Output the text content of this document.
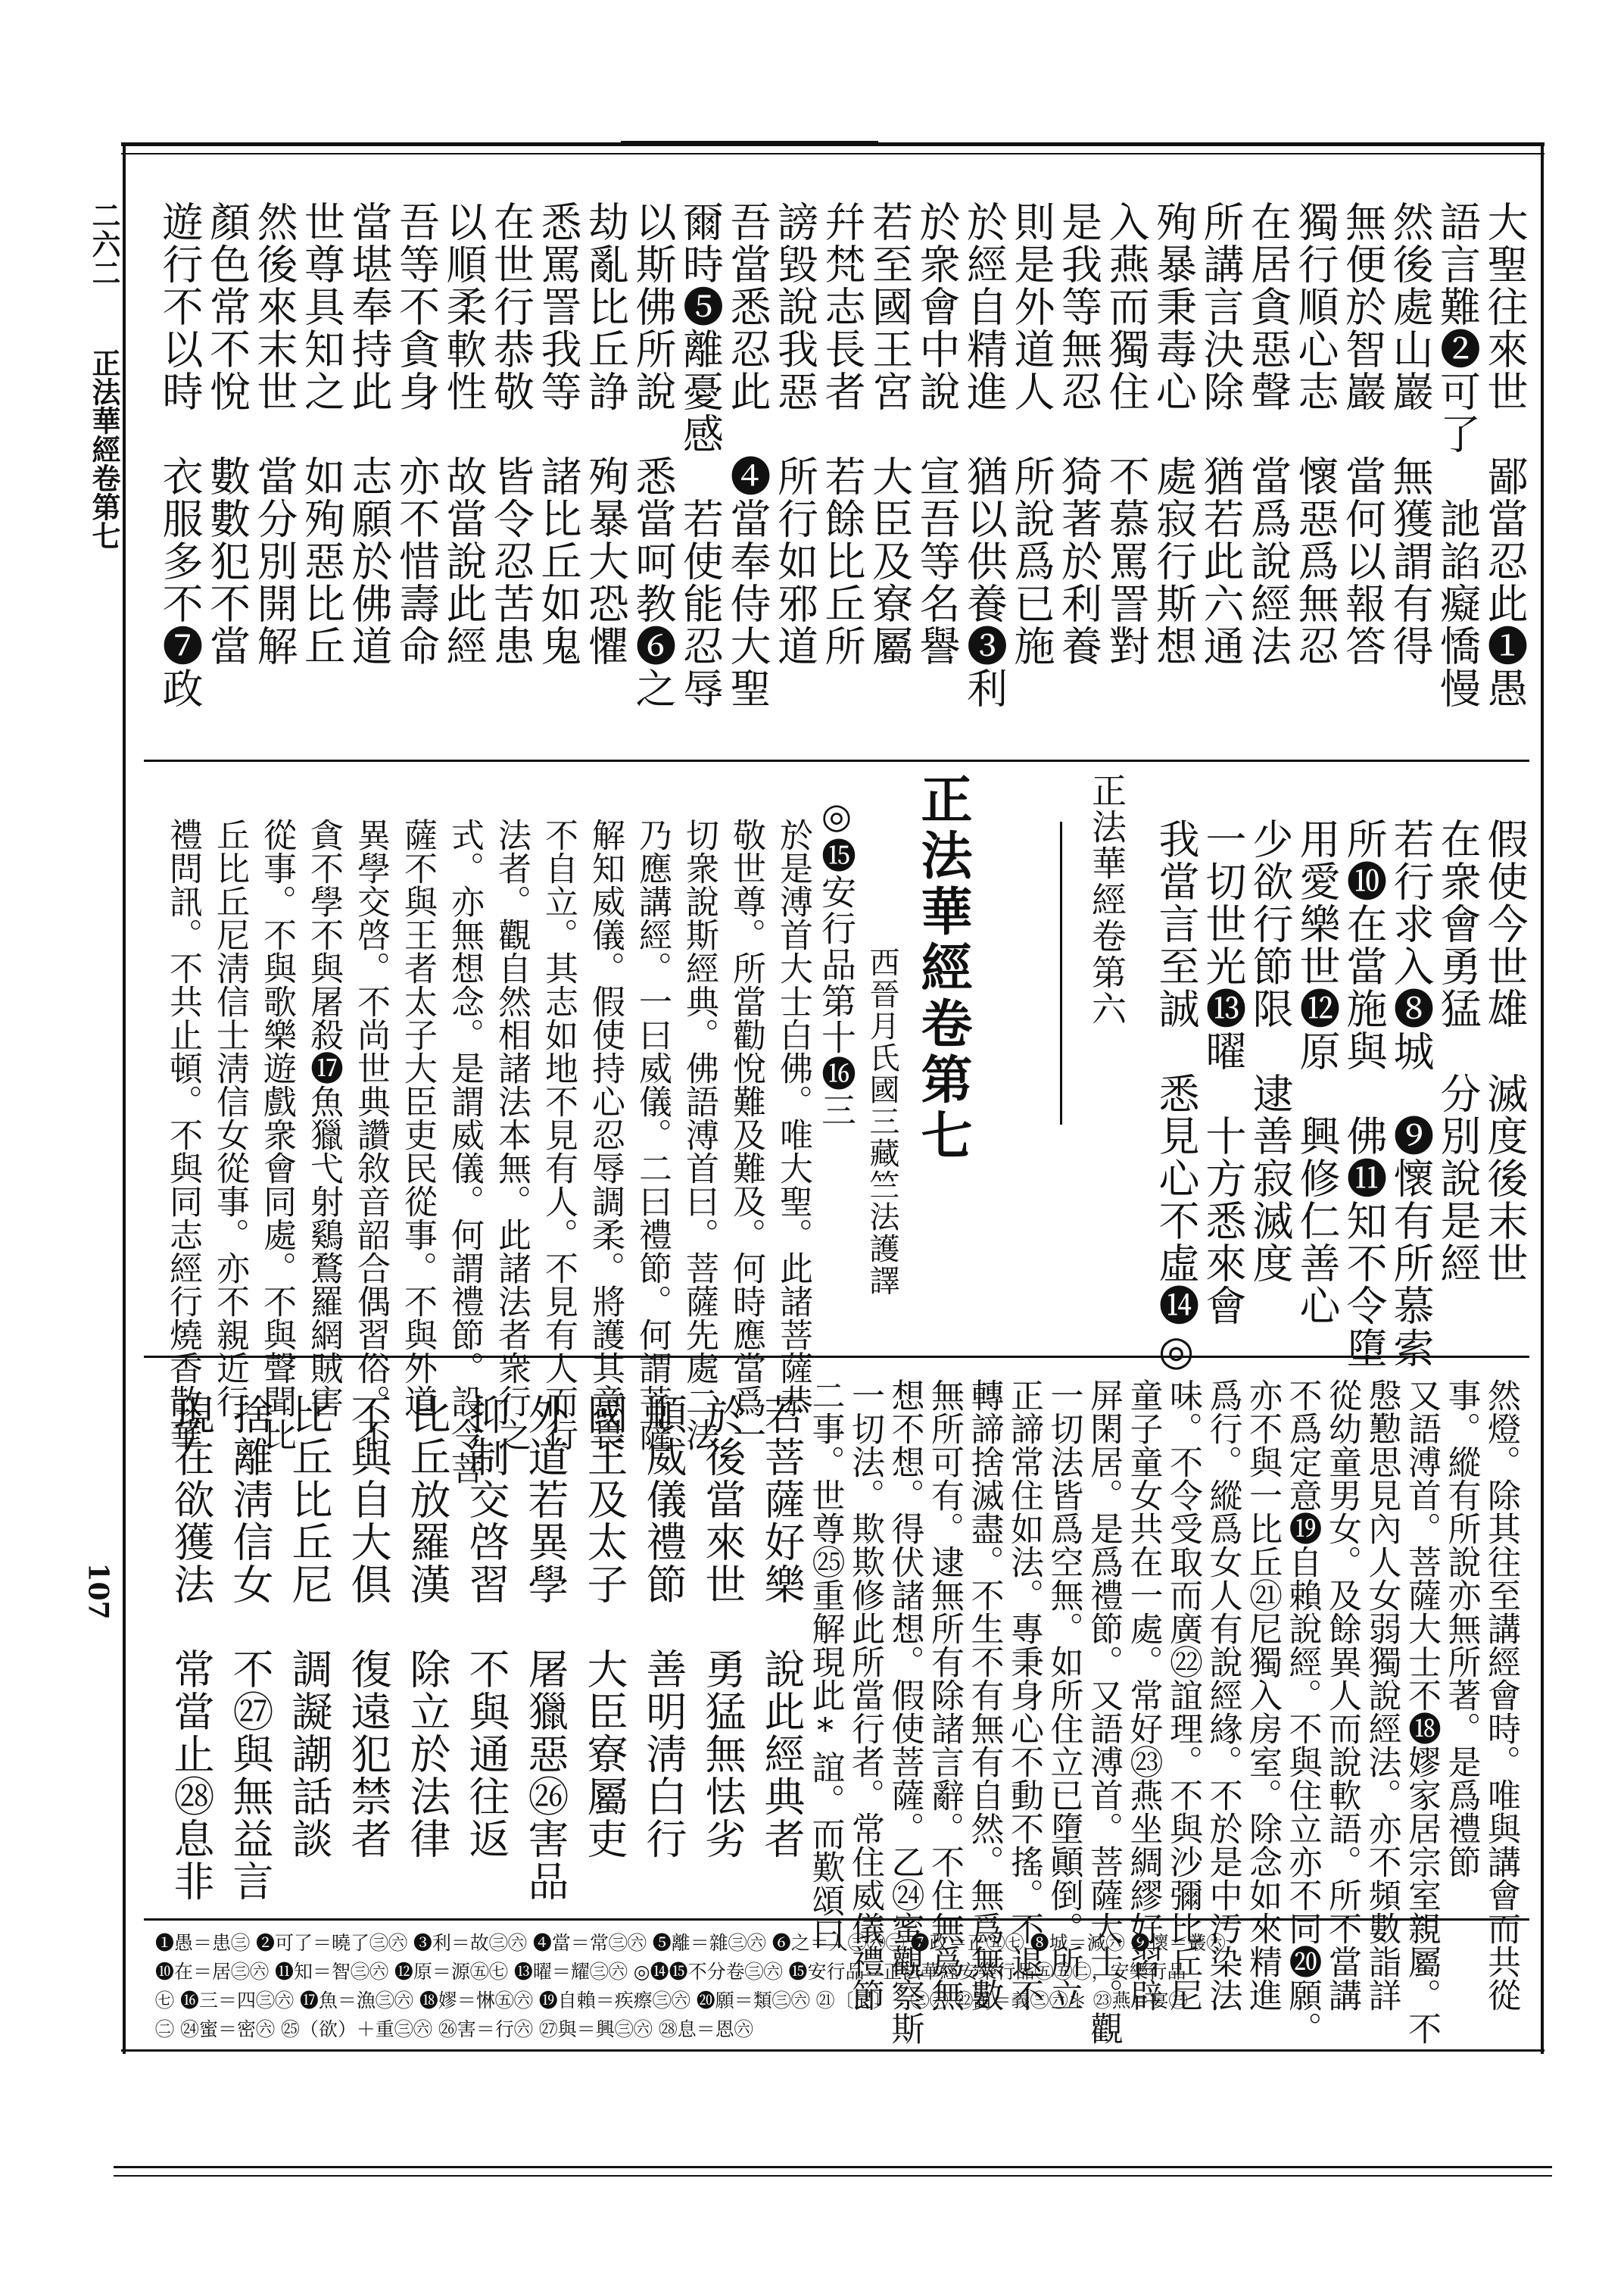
二六二
正法華經卷第七
107
大聖往來世　鄙當忍此❶愚
語言難❷可了　訑諂癡憍慢
然後處山巖　無獲謂有得
無便於智巖　當何以報答
獨行順心志　懷惡爲無忍
在居貪惡聲　當爲說經法
所講言決除　猶若此六通
殉暴秉毒心　處寂行斯想
入燕而獨住　不慕罵詈對
是我等無忍　猗著於利養
則是外道人　所說爲已施
於經自精進　猶以供養❸利
於衆會中說　宣吾等名譽
若至國王宮　大臣及寮屬
幷梵志長者　若餘比丘所
謗毀說我惡　所行如邪道
吾當悉忍此　❹當奉侍大聖
爾時❺離憂感　若使能忍辱
以斯佛所說　悉當呵教❻之
劫亂比丘諍　殉暴大恐懼
悉罵詈我等　諸比丘如鬼
在世行恭敬　皆令忍苦患
以順柔軟性　故當說此經
吾等不貪身　亦不惜壽命
當堪奉持此　志願於佛道
世尊具知之　如殉惡比丘
然後來末世　當分別開解
顏色常不悅　數數犯不當
遊行不以時　衣服多不❼政
假使今世雄　滅度後末世
在衆會勇猛　分別說是經
若行求入❽城　❾懷有所慕索
所❿在當施與　佛⓫知不令墮
用愛樂世⓬原　興修仁善心
少欲行節限　逮善寂滅度
一切世光⓭曜　十方悉來會
我當言至誠　悉見心不虛⓮◎
正法華經卷第六
正法華經卷第七
西晉月氏國三藏竺法護譯
◎⓯安行品第十⓰三
於是溥首大士白佛。唯大聖。此諸菩薩恭
敬世尊。所當勸悅難及難及。何時應當爲一
切衆說斯經典。佛語溥首曰。菩薩先處二法
乃應講經。一曰威儀。二曰禮節。何謂菩薩
解知威儀。假使持心忍辱調柔。將護其意畏
不自立。其志如地不見有人。不見有人而行
法者。觀自然相諸法本無。此諸法者衆行之
式。亦無想念。是謂威儀。何謂禮節。設令菩
薩不與王者太子大臣吏民從事。不與外道
異學交啓。不尚世典讚敘音韶合偶習俗。不
貪不學不與屠殺⓱魚獵弋射鷄鶩羅網賊害
從事。不與歌樂遊戲衆會同處。不與聲聞比
丘比丘尼淸信士淸信女從事。亦不親近行
禮問訊。不共止頓。不與同志經行燒香散華
然燈。除其往至講經會時。唯與講會而共從
事。縱有所說亦無所著。是爲禮節
又語溥首。菩薩大士不⓲嫪家居宗室親屬。不
慇懃思見內人女弱獨說經法。亦不頻數詣詳
從幼童男女。及餘異人而說軟語。所不當講
不爲定意⓳自賴說經。不與住立亦不同⓴願。
亦不與一比丘㉑尼獨入房室。除念如來精進
爲行。縱爲女人有說經緣。不於是中汚染法
味。不令受取而廣㉒誼理。不與沙彌比丘尼
童子童女共在一處。常好㉓燕坐綢繆好習辟
屏閑居。是爲禮節。又語溥首。菩薩大士。觀
一切法皆爲空無。如所住立已墮顚倒。所立
正諦常住如法。專秉身心不動不搖。不退不
轉諦捨滅盡。不生不有無有自然。無爲無數
無所可有。逮無所有除諸言辭。不住無爲無
想不想。得伏諸想。假使菩薩。乙㉔蜜觀察斯
一切法。欺欺修此所當行者。常住威儀禮節
二事。世尊㉕重解現此*誼。而歎頌曰
若菩薩好樂　說此經典者
於後當來世　勇猛無怯劣
順威儀禮節　善明淸白行
國王及太子　大臣寮屬吏
外道若異學　屠獵惡㉖害品
抑制交啓習　不與通往返
比丘放羅漢　除立於法律
不與自大俱　復遠犯禁者
比丘比丘尼　調譺謿話談
捨離淸信女　不㉗與無益言
現在欲獲法　常當止㉘息非
❶愚＝患㊂ ❷可了＝曉了㊂㊅ ❸利＝故㊂㊅ ❹當＝常㊂㊅ ❺離＝雜㊂㊅ ❻之＝人㊂㊅㊁ ❼政＝正㊄㊆ ❽城＝減㊅ ❾懷＝叢㊅
❿在＝居㊂㊅ ⓫知＝智㊂㊅ ⓬原＝源㊄㊆ ⓭曜＝耀㊂㊅ ◎⓮⓯不分卷㊂㊅ ⓯安行品＝正法華經安樂行品㊄㊄㊁，安樂行品
㊆ ⓰三＝四㊂㊅ ⓱魚＝漁㊂㊅ ⓲嫪＝惏㊄㊅ ⓳自賴＝疾瘵㊂㊅ ⓴願＝類㊂㊅ ㉑〔尼〕－㊂㊅ ㉒誼＝義㊂㊅＊ ㉓燕＝宴㊂
㊁ ㉔蜜＝密㊅ ㉕（欲）＋重㊂㊅ ㉖害＝行㊅ ㉗與＝興㊂㊅ ㉘息＝恩㊅
